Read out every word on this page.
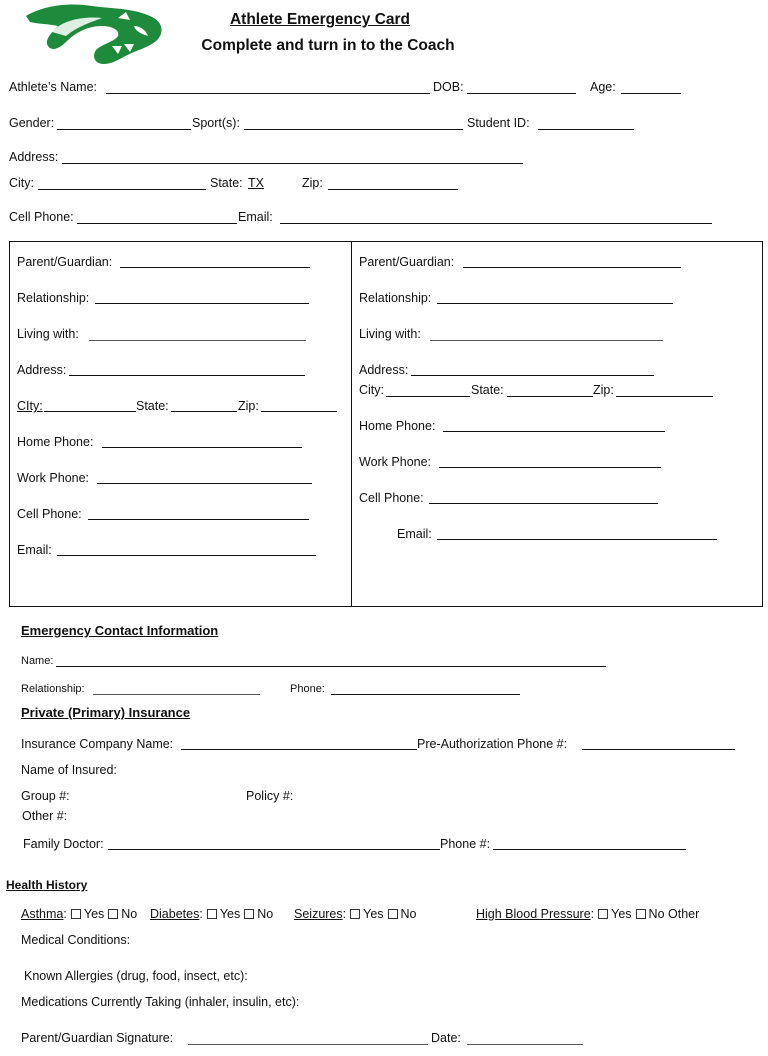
Athlete Emergency Card
Complete and turn in to the Coach
Athlete’s Name:	DOB:	Age:
Gender:	Sport(s):	Student ID:
Address:
City:	State: TX	Zip:
Cell Phone:	Email:
Parent/Guardian:
Relationship:
Living with:
Address:
CIty:	State:	Zip:
Home Phone:
Work Phone:
Cell Phone:
Email:
Parent/Guardian:
Relationship:
Living with:
Address:
City:	State:	Zip:
Home Phone:
Work Phone:
Cell Phone:
Email:
Emergency Contact Information
Name:
Relationship:	Phone:
Private (Primary) Insurance
Insurance Company Name:	Pre-Authorization Phone #:
Name of Insured:
Group #:	Policy #:
Other #:
Family Doctor:	Phone #:
Health History
Asthma: Yes No Diabetes: Yes No Seizures: Yes No	High Blood Pressure: Yes No Other
Medical Conditions:
Known Allergies (drug, food, insect, etc):
Medications Currently Taking (inhaler, insulin, etc):
Parent/Guardian Signature:	Date:
